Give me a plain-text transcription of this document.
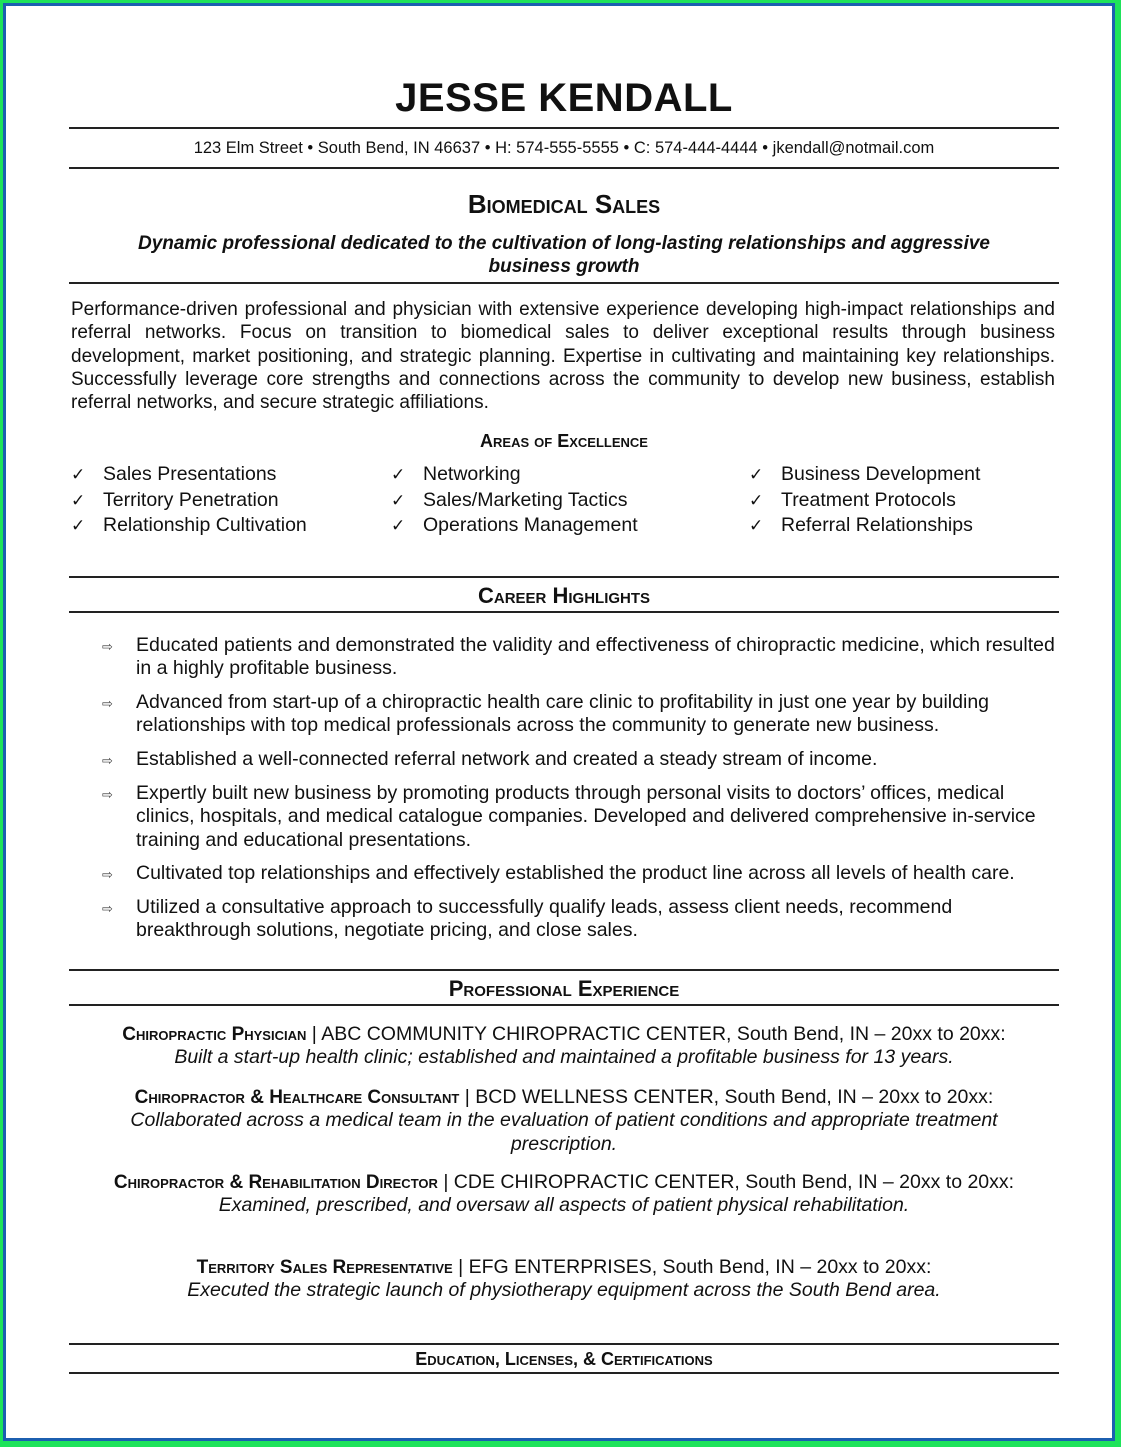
JESSE KENDALL
123 Elm Street • South Bend, IN 46637 • H: 574-555-5555 • C: 574-444-4444 • jkendall@notmail.com
Biomedical Sales
Dynamic professional dedicated to the cultivation of long-lasting relationships and aggressive business growth
Performance-driven professional and physician with extensive experience developing high-impact relationships and referral networks. Focus on transition to biomedical sales to deliver exceptional results through business development, market positioning, and strategic planning. Expertise in cultivating and maintaining key relationships. Successfully leverage core strengths and connections across the community to develop new business, establish referral networks, and secure strategic affiliations.
Areas of Excellence
✓ Sales Presentations
✓ Territory Penetration
✓ Relationship Cultivation
✓ Networking
✓ Sales/Marketing Tactics
✓ Operations Management
✓ Business Development
✓ Treatment Protocols
✓ Referral Relationships
Career Highlights
⇨ Educated patients and demonstrated the validity and effectiveness of chiropractic medicine, which resulted in a highly profitable business.
⇨ Advanced from start-up of a chiropractic health care clinic to profitability in just one year by building relationships with top medical professionals across the community to generate new business.
⇨ Established a well-connected referral network and created a steady stream of income.
⇨ Expertly built new business by promoting products through personal visits to doctors’ offices, medical clinics, hospitals, and medical catalogue companies. Developed and delivered comprehensive in-service training and educational presentations.
⇨ Cultivated top relationships and effectively established the product line across all levels of health care.
⇨ Utilized a consultative approach to successfully qualify leads, assess client needs, recommend breakthrough solutions, negotiate pricing, and close sales.
Professional Experience
Chiropractic Physician | ABC COMMUNITY CHIROPRACTIC CENTER, South Bend, IN – 20xx to 20xx:
Built a start-up health clinic; established and maintained a profitable business for 13 years.
Chiropractor & Healthcare Consultant | BCD WELLNESS CENTER, South Bend, IN – 20xx to 20xx:
Collaborated across a medical team in the evaluation of patient conditions and appropriate treatment prescription.
Chiropractor & Rehabilitation Director | CDE CHIROPRACTIC CENTER, South Bend, IN – 20xx to 20xx:
Examined, prescribed, and oversaw all aspects of patient physical rehabilitation.
Territory Sales Representative | EFG ENTERPRISES, South Bend, IN – 20xx to 20xx:
Executed the strategic launch of physiotherapy equipment across the South Bend area.
Education, Licenses, & Certifications
